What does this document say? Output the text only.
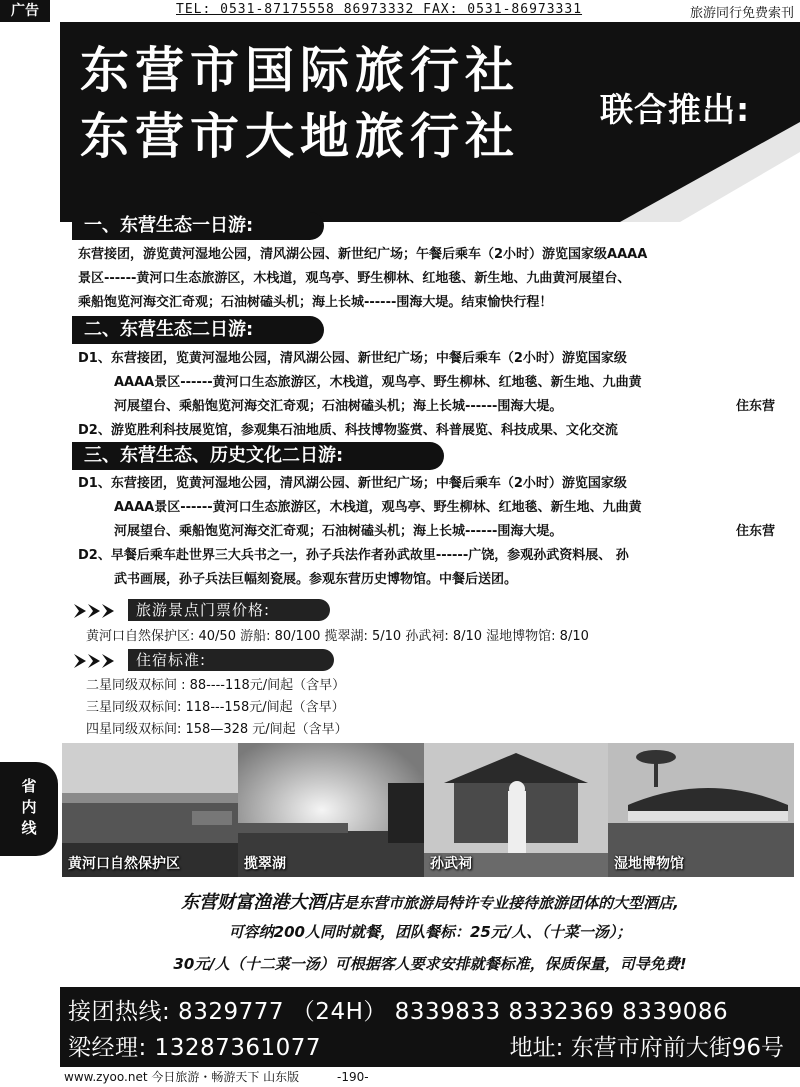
广告	TEL: 0531-87175558 86973332 FAX: 0531-86973331	旅游同行免费索刊
东营市国际旅行社
东营市大地旅行社 联合推出:
一、东营生态一日游:
东营接团，游览黄河湿地公园，清风湖公园、新世纪广场；午餐后乘车（2小时）游览国家级AAAA
景区------黄河口生态旅游区，木栈道，观鸟亭、野生柳林、红地毯、新生地、九曲黄河展望台、
乘船饱览河海交汇奇观；石油树磕头机；海上长城------围海大堤。结束愉快行程！
二、东营生态二日游:
D1、东营接团，览黄河湿地公园，清风湖公园、新世纪广场；中餐后乘车（2小时）游览国家级
AAAA景区------黄河口生态旅游区，木栈道，观鸟亭、野生柳林、红地毯、新生地、九曲黄
河展望台、乘船饱览河海交汇奇观；石油树磕头机；海上长城------围海大堤。	住东营
D2、游览胜利科技展览馆，参观集石油地质、科技博物鉴赏、科普展览、科技成果、文化交流
三、东营生态、历史文化二日游:
D1、东营接团，览黄河湿地公园，清风湖公园、新世纪广场；中餐后乘车（2小时）游览国家级
AAAA景区------黄河口生态旅游区，木栈道，观鸟亭、野生柳林、红地毯、新生地、九曲黄
河展望台、乘船饱览河海交汇奇观；石油树磕头机；海上长城------围海大堤。	住东营
D2、早餐后乘车赴世界三大兵书之一，孙子兵法作者孙武故里------广饶，参观孙武资料展、 孙
武书画展，孙子兵法巨幅刻瓷展。参观东营历史博物馆。中餐后送团。
旅游景点门票价格:
黄河口自然保护区: 40/50 游船: 80/100 揽翠湖: 5/10 孙武祠: 8/10 湿地博物馆: 8/10
住宿标准:
二星同级双标间 : 88----118元/间起（含早）
三星同级双标间: 118---158元/间起（含早）
四星同级双标间: 158—328 元/间起（含早）
省
内
线
黄河口自然保护区	揽翠湖	孙武祠	湿地博物馆
东营财富渔港大酒店是东营市旅游局特许专业接待旅游团体的大型酒店,
可容纳200人同时就餐，团队餐标：25元/人、（十菜一汤）；
30元/人（十二菜一汤）可根据客人要求安排就餐标准，保质保量，司导免费!
接团热线: 8329777 （24H） 8339833 8332369 8339086
梁经理: 13287361077	地址: 东营市府前大街96号
www.zyoo.net 今日旅游・畅游天下 山东版	-190-
